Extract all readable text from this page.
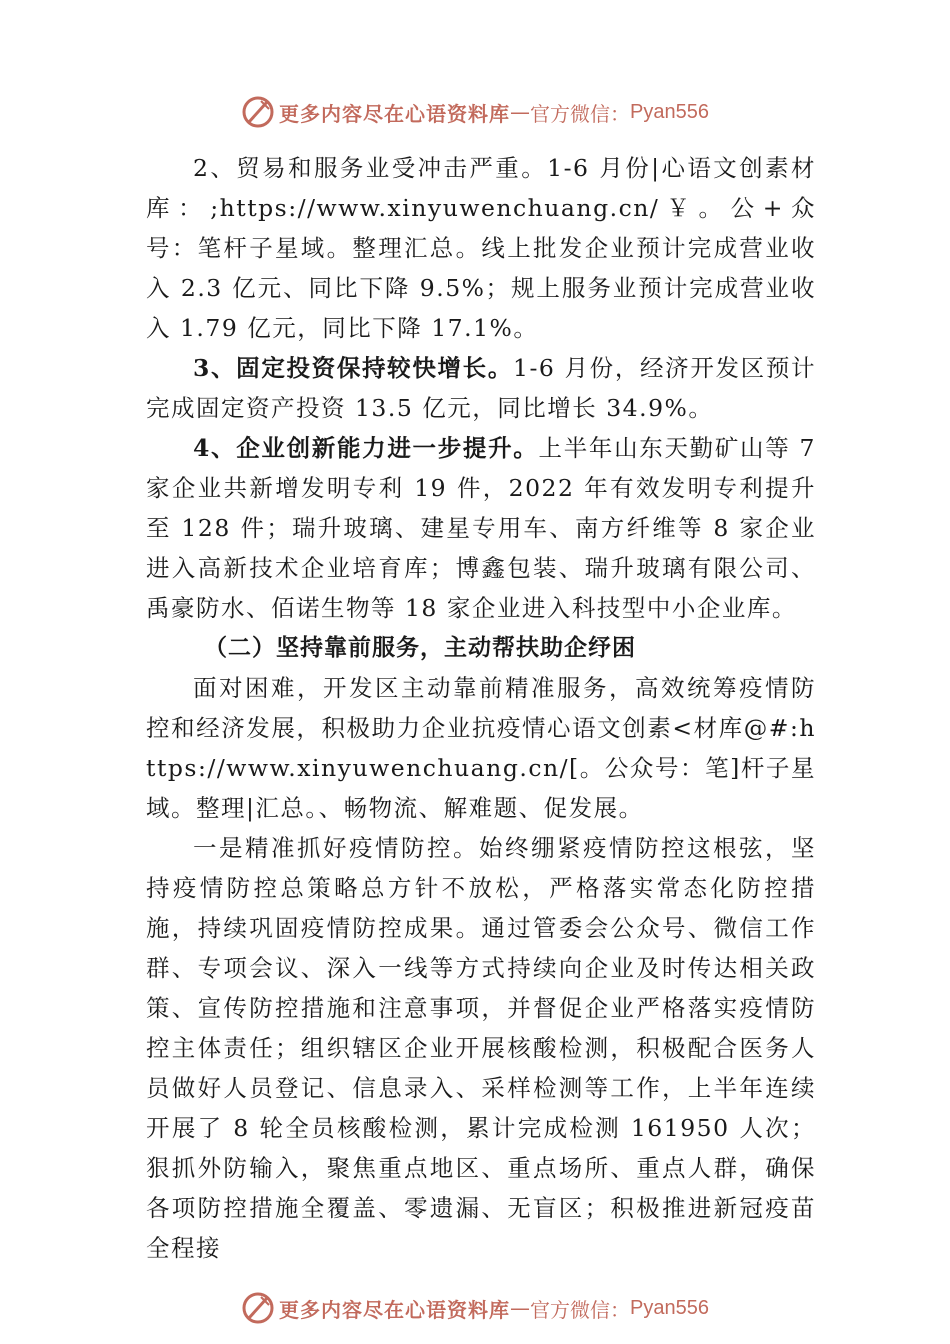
更多内容尽在心语资料库 — 官方微信： Pyan556

2、贸易和服务业受冲击严重。1-6 月份|心语文创素材库：;https://www.xinyuwenchuang.cn/￥。公+众号：笔杆子星域。整理汇总。线上批发企业预计完成营业收入 2.3 亿元、同比下降 9.5%；规上服务业预计完成营业收入 1.79 亿元，同比下降 17.1%。

3、固定投资保持较快增长。1-6 月份，经济开发区预计完成固定资产投资 13.5 亿元，同比增长 34.9%。

4、企业创新能力进一步提升。上半年山东天勤矿山等 7 家企业共新增发明专利 19 件，2022 年有效发明专利提升至 128 件；瑞升玻璃、建星专用车、南方纤维等 8 家企业进入高新技术企业培育库；博鑫包装、瑞升玻璃有限公司、禹豪防水、佰诺生物等 18 家企业进入科技型中小企业库。

（二）坚持靠前服务，主动帮扶助企纾困

面对困难，开发区主动靠前精准服务，高效统筹疫情防控和经济发展，积极助力企业抗疫情心语文创素<材库@#:https://www.xinyuwenchuang.cn/[。公众号：笔]杆子星域。整理|汇总。、畅物流、解难题、促发展。

一是精准抓好疫情防控。始终绷紧疫情防控这根弦，坚持疫情防控总策略总方针不放松，严格落实常态化防控措施，持续巩固疫情防控成果。通过管委会公众号、微信工作群、专项会议、深入一线等方式持续向企业及时传达相关政策、宣传防控措施和注意事项，并督促企业严格落实疫情防控主体责任；组织辖区企业开展核酸检测，积极配合医务人员做好人员登记、信息录入、采样检测等工作，上半年连续开展了 8 轮全员核酸检测，累计完成检测 161950 人次；狠抓外防输入，聚焦重点地区、重点场所、重点人群，确保各项防控措施全覆盖、零遗漏、无盲区；积极推进新冠疫苗全程接

更多内容尽在心语资料库 — 官方微信： Pyan556
